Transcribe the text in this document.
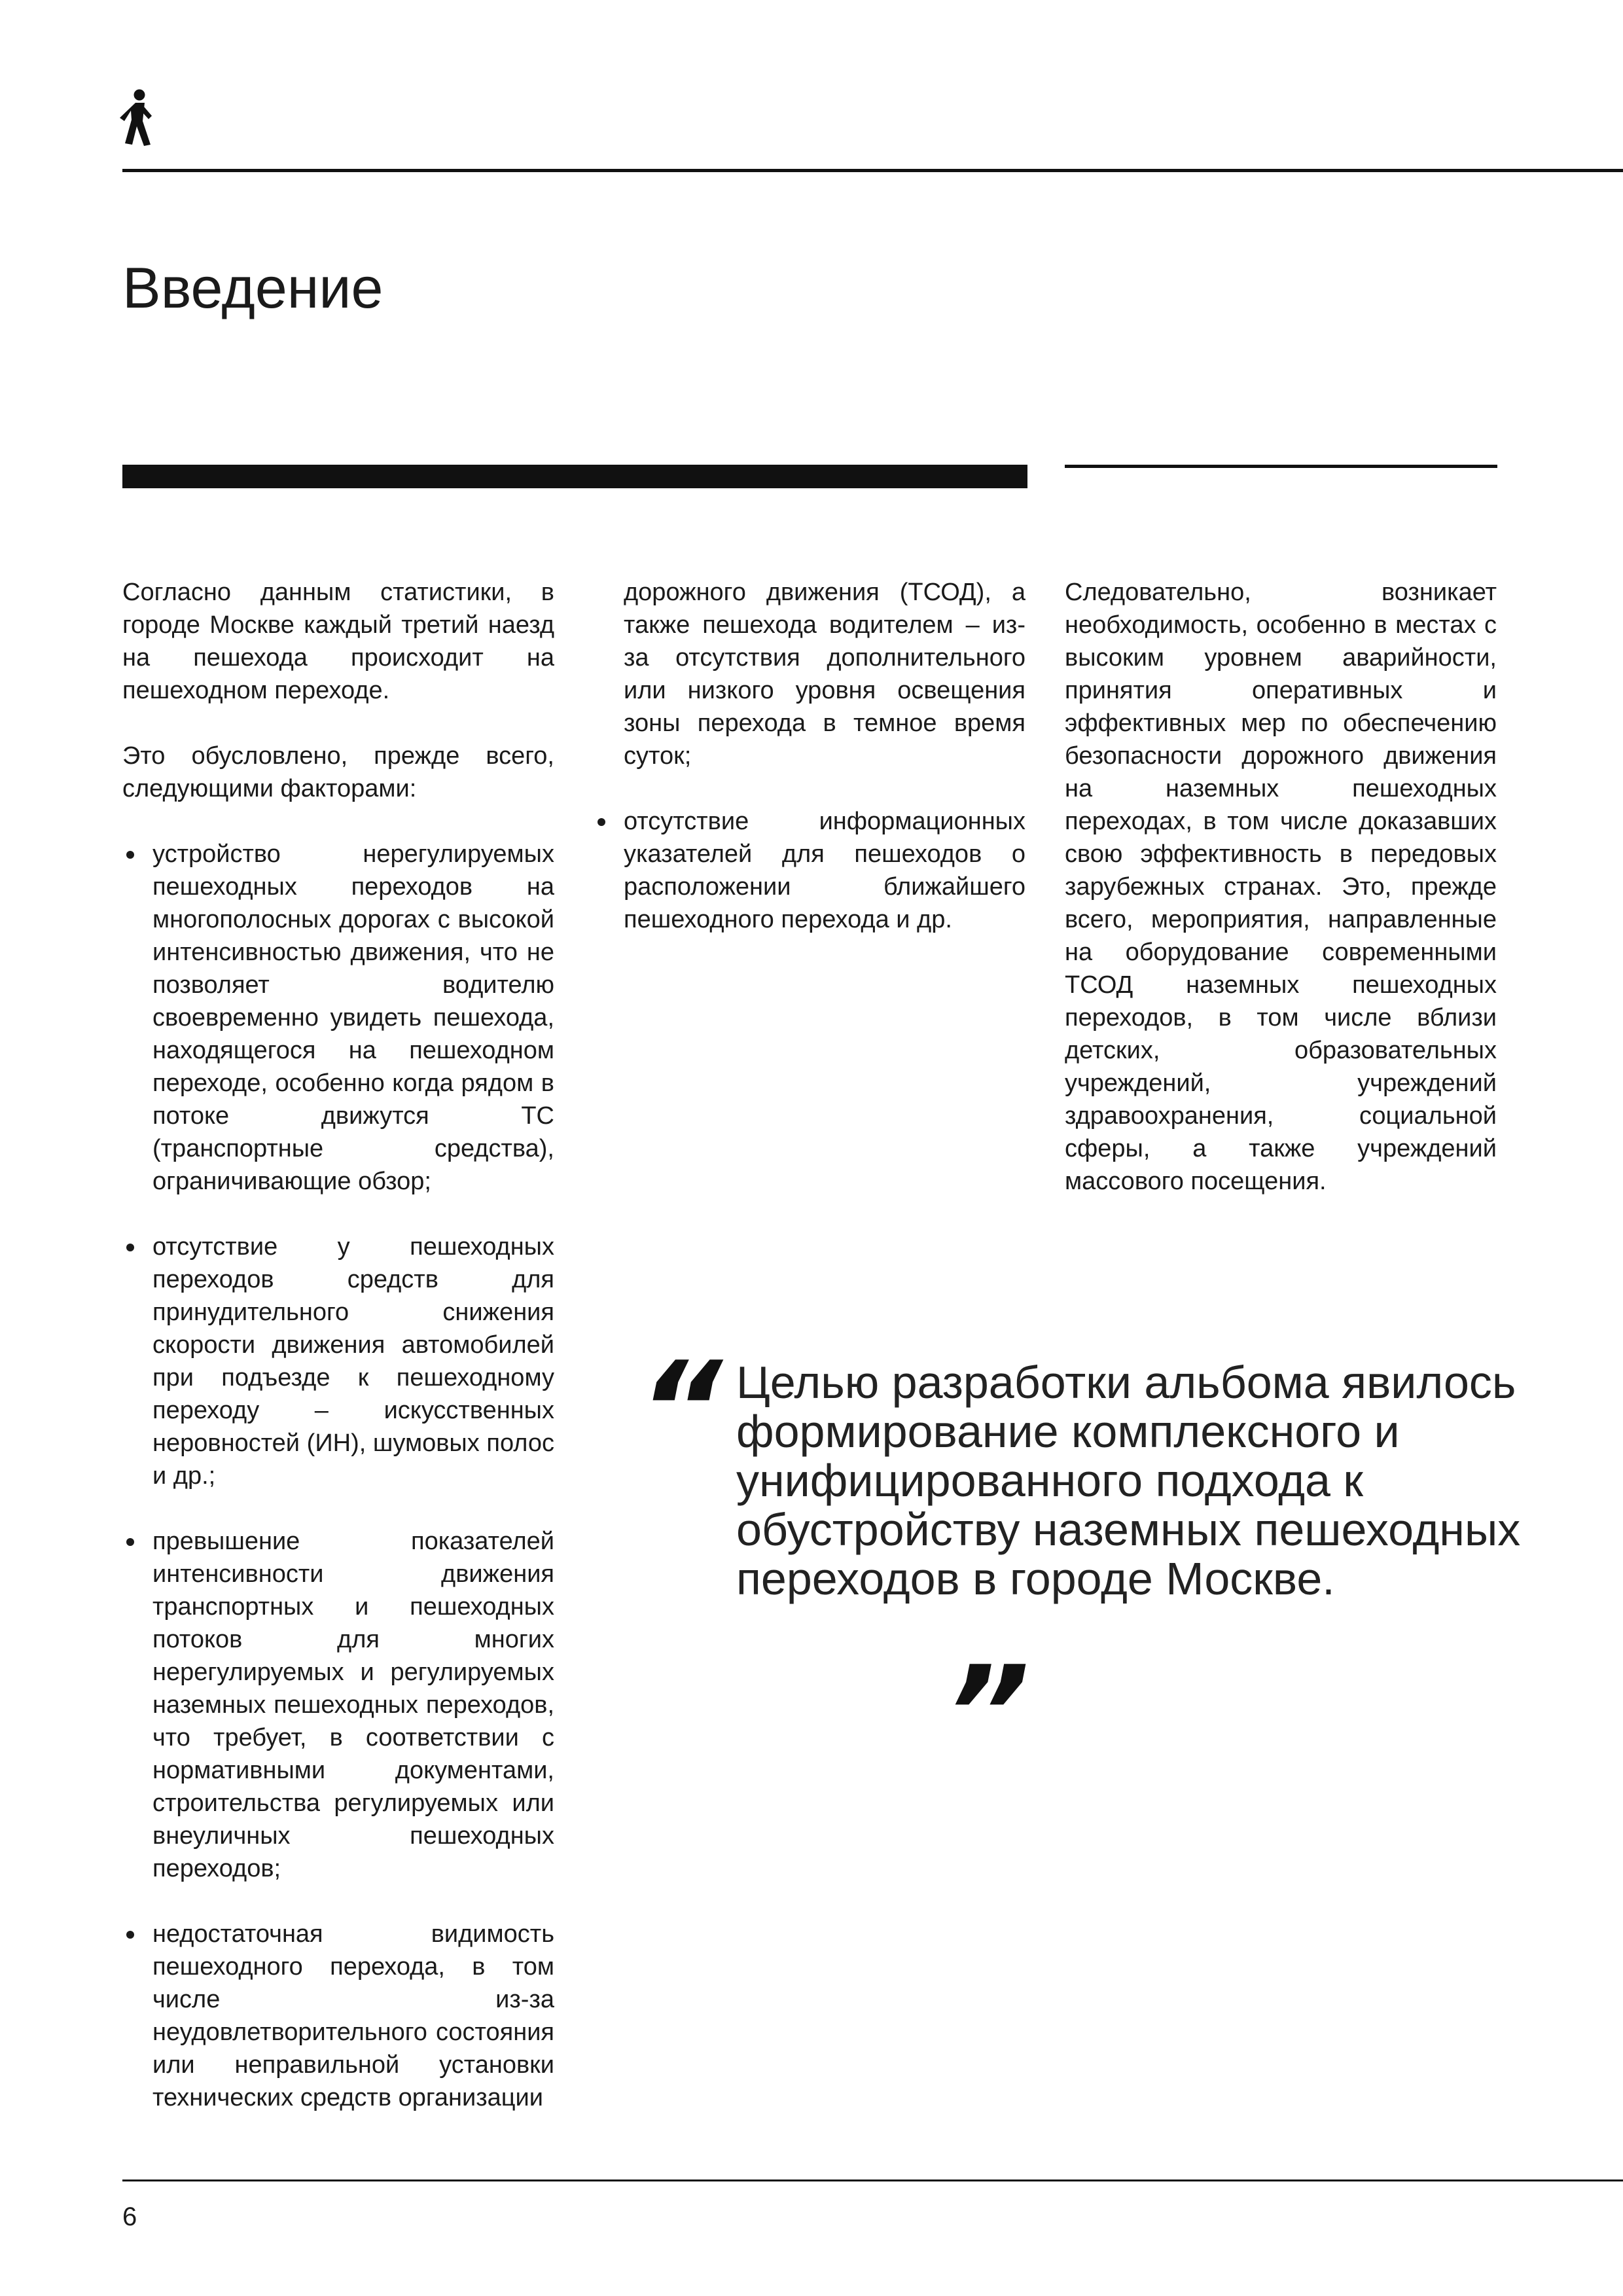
Введение

Согласно данным статистики, в городе Москве каждый третий наезд на пешехода происходит на пешеходном переходе.

Это обусловлено, прежде всего, следующими факторами:

устройство нерегулируемых пешеходных переходов на многополосных дорогах с высокой интенсивностью движения, что не позволяет водителю своевременно увидеть пешехода, находящегося на пешеходном переходе, особенно когда рядом в потоке движутся ТС (транспортные средства), ограничивающие обзор;
отсутствие у пешеходных переходов средств для принудительного снижения скорости движения автомобилей при подъезде к пешеходному переходу – искусственных неровностей (ИН), шумовых полос и др.;
превышение показателей интенсивности движения транспортных и пешеходных потоков для многих нерегулируемых и регулируемых наземных пешеходных переходов, что требует, в соответствии с нормативными документами, строительства регулируемых или внеуличных пешеходных переходов;
недостаточная видимость пешеходного перехода, в том числе из-за неудовлетворительного состояния или неправильной установки технических средств организации

дорожного движения (ТСОД), а также пешехода водителем – из-за отсутствия дополнительного или низкого уровня освещения зоны перехода в темное время суток;

отсутствие информационных указателей для пешеходов о расположении ближайшего пешеходного перехода и др.

Следовательно, возникает необходимость, особенно в местах с высоким уровнем аварийности, принятия оперативных и эффективных мер по обеспечению безопасности дорожного движения на наземных пешеходных переходах, в том числе доказавших свою эффективность в передовых зарубежных странах. Это, прежде всего, мероприятия, направленные на оборудование современными ТСОД наземных пешеходных переходов, в том числе вблизи детских, образовательных учреждений, учреждений здравоохранения, социальной сферы, а также учреждений массового посещения.

“ Целью разработки альбома явилось формирование комплексного и унифицированного подхода к обустройству наземных пешеходных переходов в городе Москве.
”
6
